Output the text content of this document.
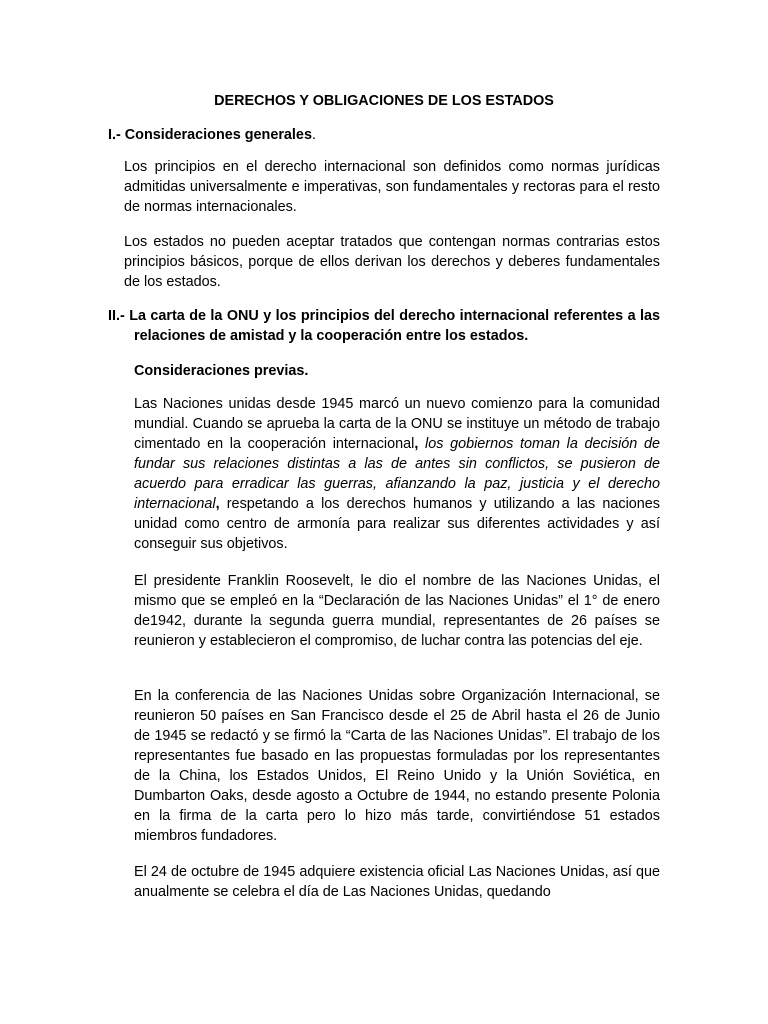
DERECHOS Y OBLIGACIONES DE LOS ESTADOS

I.- Consideraciones generales.

Los principios en el derecho internacional son definidos como normas jurídicas admitidas universalmente e imperativas, son fundamentales y rectoras para el resto de normas internacionales.

Los estados no pueden aceptar tratados que contengan normas contrarias estos principios básicos, porque de ellos derivan los derechos y deberes fundamentales de los estados.

II.- La carta de la ONU y los principios del derecho internacional referentes a las relaciones de amistad y la cooperación entre los estados.

Consideraciones previas.

Las Naciones unidas desde 1945 marcó un nuevo comienzo para la comunidad mundial. Cuando se aprueba la carta de la ONU se instituye un método de trabajo cimentado en la cooperación internacional, los gobiernos toman la decisión de fundar sus relaciones distintas a las de antes sin conflictos, se pusieron de acuerdo para erradicar las guerras, afianzando la paz, justicia y el derecho internacional, respetando a los derechos humanos y utilizando a las naciones unidad como centro de armonía para realizar sus diferentes actividades y así conseguir sus objetivos.

El presidente Franklin Roosevelt, le dio el nombre de las Naciones Unidas, el mismo que se empleó en la “Declaración de las Naciones Unidas” el 1° de enero de1942, durante la segunda guerra mundial, representantes de 26 países se reunieron y establecieron el compromiso, de luchar contra las potencias del eje.

En la conferencia de las Naciones Unidas sobre Organización Internacional, se reunieron 50 países en San Francisco desde el 25 de Abril hasta el 26 de Junio de 1945 se redactó y se firmó la “Carta de las Naciones Unidas”. El trabajo de los representantes fue basado en las propuestas formuladas por los representantes de la China, los Estados Unidos, El Reino Unido y la Unión Soviética, en Dumbarton Oaks, desde agosto a Octubre de 1944, no estando presente Polonia en la firma de la carta pero lo hizo más tarde, convirtiéndose 51 estados miembros fundadores.

El 24 de octubre de 1945 adquiere existencia oficial Las Naciones Unidas, así que anualmente se celebra el día de Las Naciones Unidas, quedando
